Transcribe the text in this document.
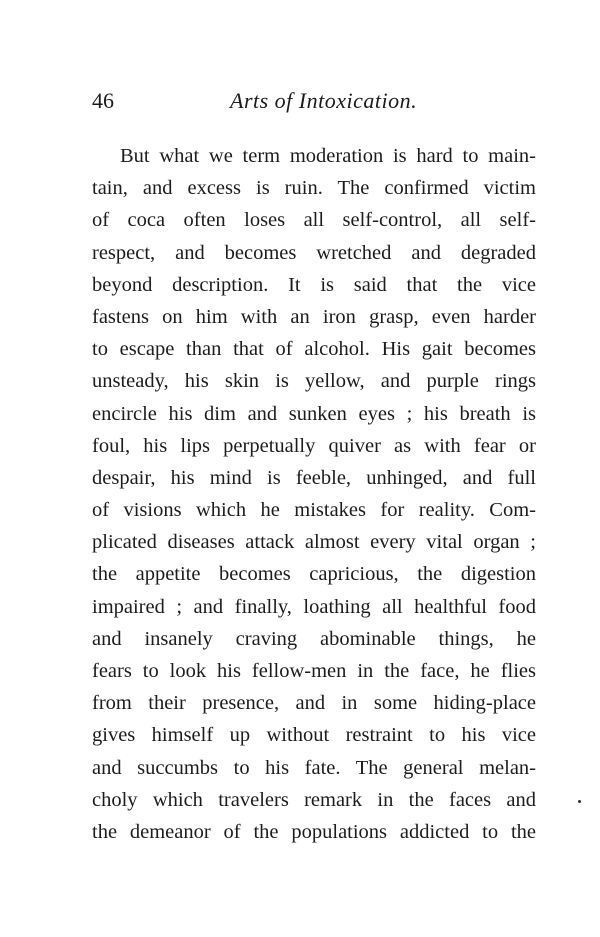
46	Arts of Intoxication.
But what we term moderation is hard to main-
tain, and excess is ruin. The confirmed victim
of coca often loses all self-control, all self-
respect, and becomes wretched and degraded
beyond description. It is said that the vice
fastens on him with an iron grasp, even harder
to escape than that of alcohol. His gait becomes
unsteady, his skin is yellow, and purple rings
encircle his dim and sunken eyes ; his breath is
foul, his lips perpetually quiver as with fear or
despair, his mind is feeble, unhinged, and full
of visions which he mistakes for reality. Com-
plicated diseases attack almost every vital organ ;
the appetite becomes capricious, the digestion
impaired ; and finally, loathing all healthful food
and insanely craving abominable things, he
fears to look his fellow-men in the face, he flies
from their presence, and in some hiding-place
gives himself up without restraint to his vice
and succumbs to his fate. The general melan-
choly which travelers remark in the faces and
the demeanor of the populations addicted to the
